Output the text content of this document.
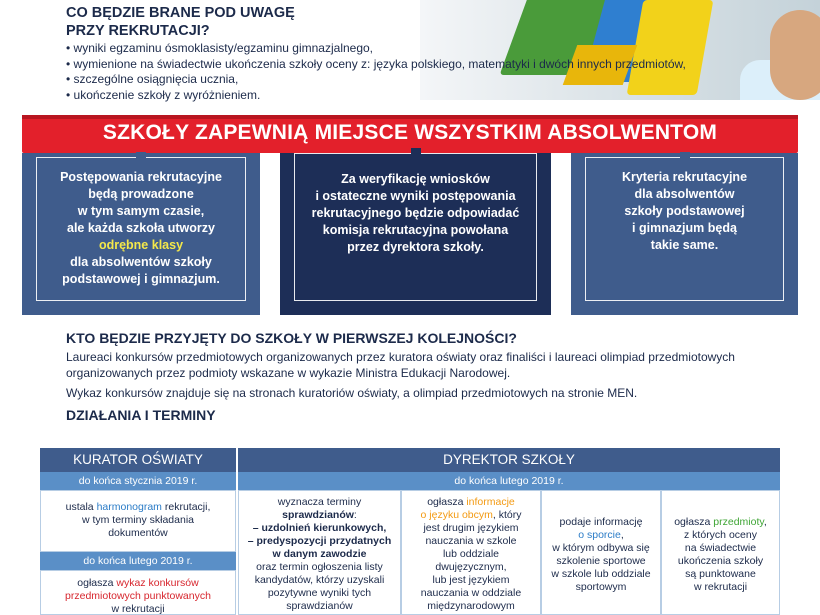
CO BĘDZIE BRANE POD UWAGĘ
PRZY REKRUTACJI?
• wyniki egzaminu ósmoklasisty/egzaminu gimnazjalnego,
• wymienione na świadectwie ukończenia szkoły oceny z: języka polskiego, matematyki i dwóch innych przedmiotów,
• szczególne osiągnięcia ucznia,
• ukończenie szkoły z wyróżnieniem.
SZKOŁY ZAPEWNIĄ MIEJSCE WSZYSTKIM ABSOLWENTOM
Postępowania rekrutacyjne
będą prowadzone
w tym samym czasie,
ale każda szkoła utworzy
odrębne klasy
dla absolwentów szkoły
podstawowej i gimnazjum.
Za weryfikację wniosków
i ostateczne wyniki postępowania
rekrutacyjnego będzie odpowiadać
komisja rekrutacyjna powołana
przez dyrektora szkoły.
Kryteria rekrutacyjne
dla absolwentów
szkoły podstawowej
i gimnazjum będą
takie same.
KTO BĘDZIE PRZYJĘTY DO SZKOŁY W PIERWSZEJ KOLEJNOŚCI?
Laureaci konkursów przedmiotowych organizowanych przez kuratora oświaty oraz finaliści i laureaci olimpiad przedmiotowych organizowanych przez podmioty wskazane w wykazie Ministra Edukacji Narodowej.
Wykaz konkursów znajduje się na stronach kuratoriów oświaty, a olimpiad przedmiotowych na stronie MEN.
DZIAŁANIA I TERMINY
KURATOR OŚWIATY	DYREKTOR SZKOŁY
do końca stycznia 2019 r.	do końca lutego 2019 r.
ustala harmonogram rekrutacji,
w tym terminy składania
dokumentów
do końca lutego 2019 r.
ogłasza wykaz konkursów
przedmiotowych punktowanych
w rekrutacji
wyznacza terminy
sprawdzianów:
– uzdolnień kierunkowych,
– predyspozycji przydatnych
w danym zawodzie
oraz termin ogłoszenia listy
kandydatów, którzy uzyskali
pozytywne wyniki tych
sprawdzianów
ogłasza informacje
o języku obcym, który
jest drugim językiem
nauczania w szkole
lub oddziale
dwujęzycznym,
lub jest językiem
nauczania w oddziale
międzynarodowym
podaje informację
o sporcie,
w którym odbywa się
szkolenie sportowe
w szkole lub oddziale
sportowym
ogłasza przedmioty,
z których oceny
na świadectwie
ukończenia szkoły
są punktowane
w rekrutacji
